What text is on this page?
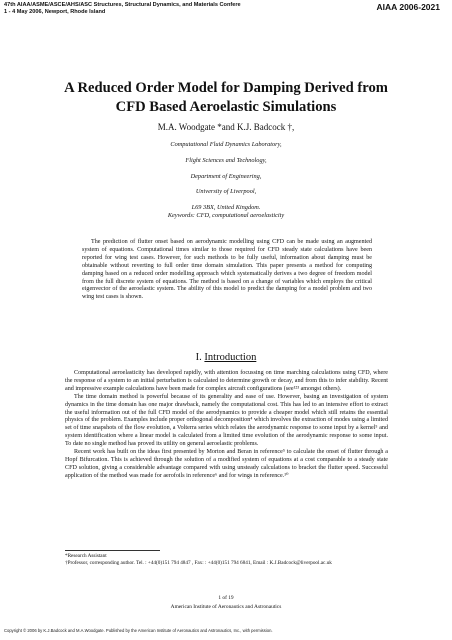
47th AIAA/ASME/ASCE/AHS/ASC Structures, Structural Dynamics, and Materials Confere
1 - 4 May 2006, Newport, Rhode Island	AIAA 2006-2021
A Reduced Order Model for Damping Derived from
CFD Based Aeroelastic Simulations
M.A. Woodgate *and K.J. Badcock †,
Computational Fluid Dynamics Laboratory,
Flight Sciences and Technology,
Department of Engineering,
University of Liverpool,
L69 3BX, United Kingdom.
Keywords: CFD, computational aeroelasticity

The prediction of flutter onset based on aerodynamic modelling using CFD can be made using an augmented system of equations. Computational times similar to those required for CFD steady state calculations have been reported for wing test cases. However, for such methods to be fully useful, information about damping must be obtainable without reverting to full order time domain simulation. This paper presents a method for computing damping based on a reduced order modelling approach which systematically derives a two degree of freedom model from the full discrete system of equations. The method is based on a change of variables which employs the critical eigenvector of the aeroelastic system. The ability of this model to predict the damping for a model problem and two wing test cases is shown.

I. Introduction

Computational aeroelasticity has developed rapidly, with attention focussing on time marching calculations using CFD, where the response of a system to an initial perturbation is calculated to determine growth or decay, and from this to infer stability. Recent and impressive example calculations have been made for complex aircraft configurations (see¹²³ amongst others).

The time domain method is powerful because of its generality and ease of use. However, basing an investigation of system dynamics in the time domain has one major drawback, namely the computational cost. This has led to an intensive effort to extract the useful information out of the full CFD model of the aerodynamics to provide a cheaper model which still retains the essential physics of the problem. Examples include proper orthogonal decomposition⁴ which involves the extraction of modes using a limited set of time snapshots of the flow evolution, a Volterra series which relates the aerodynamic response to some input by a kernel⁵ and system identification where a linear model is calculated from a limited time evolution of the aerodynamic response to some input. To date no single method has proved its utility on general aeroelastic problems.

Recent work has built on the ideas first presented by Morton and Beran in reference⁵ to calculate the onset of flutter through a Hopf Bifurcation. This is achieved through the solution of a modified system of equations at a cost comparable to a steady state CFD solution, giving a considerable advantage compared with using unsteady calculations to bracket the flutter speed. Successful application of the method was made for aerofoils in reference⁶ and for wings in reference.¹⁰

*Research Assistant
†Professor, corresponding author. Tel. : +44(0)151 794 4847 , Fax: : +44(0)151 794 6841, Email : K.J.Badcock@liverpool.ac.uk
1 of 19
American Institute of Aeronautics and Astronautics
Copyright © 2006 by K.J.Badcock and M.A.Woodgate. Published by the American Institute of Aeronautics and Astronautics, Inc., with permission.
